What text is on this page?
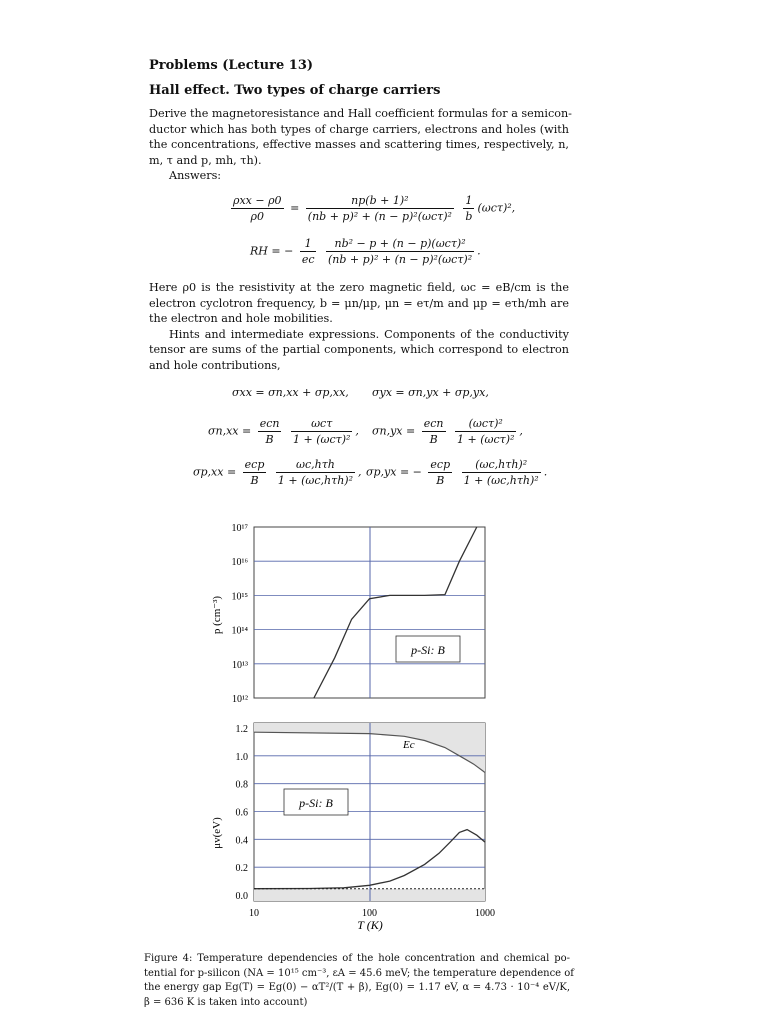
Problems (Lecture 13)
Hall effect. Two types of charge carriers
Derive the magnetoresistance and Hall coefficient formulas for a semicon-
ductor which has both types of charge carriers, electrons and holes (with
the concentrations, effective masses and scattering times, respectively, n,
m, τ and p, mh, τh).
Answers:
$\frac{\text{ρxx − ρ0}}{\rho 0} = \frac{\text{np(b + 1)²}}{\text{(nb + p)² + (n − p)²(ωcτ)²}}$
$\frac{1}{b} (\omega c\tau)^2$,
RH = − $\frac{1}{ec}$
$\frac{\text{nb² − p + (n − p)(ωcτ)²}}{\text{(nb + p)² + (n − p)²(ωcτ)²}}$ .
Here ρ0 is the resistivity at the zero magnetic field, ωc = eB/cm is the
electron cyclotron frequency, b = μn/μp, μn = eτ/m and μp = eτh/mh are
the electron and hole mobilities.
Hints and intermediate expressions. Components of the conductivity
tensor are sums of the partial components, which correspond to electron
and hole contributions,
σxx = σn,xx + σp,xx, σyx = σn,yx + σp,yx,
$\sigma n,xx = \frac{\text{ecn}}{B}$
$\frac{\text{ωcτ}}{\text{1 + (ωcτ)²}}$ , $\sigma n,yx = \frac{\text{ecn}}{B}$
$\frac{\text{(ωcτ)²}}{\text{1 + (ωcτ)²}}$ ,
$\sigma p,xx = \frac{\text{ecp}}{B}$
$\frac{\text{ωc,hτh}}{\text{1 + (ωc,hτh)²}}$ , σp,yx = − $\frac{\text{ecp}}{B}$
$\frac{\text{(ωc,hτh)²}}{\text{1 + (ωc,hτh)²}}$ .
10¹²
10¹³
10¹⁴
10¹⁵
10¹⁶
10¹⁷
p-Si: B
p (cm⁻³)
0.0
0.2
0.4
0.6
0.8
1.0
1.2
10	100	1000
Ec
p-Si: B
μv(eV)
T (K)
Figure 4: Temperature dependencies of the hole concentration and chemical po-
tential for p-silicon (NA = 10¹⁵ cm⁻³, εA = 45.6 meV; the temperature dependence of
the energy gap Eg(T) = Eg(0) − αT²/(T + β), Eg(0) = 1.17 eV, α = 4.73 · 10⁻⁴ eV/K,
β = 636 K is taken into account)
